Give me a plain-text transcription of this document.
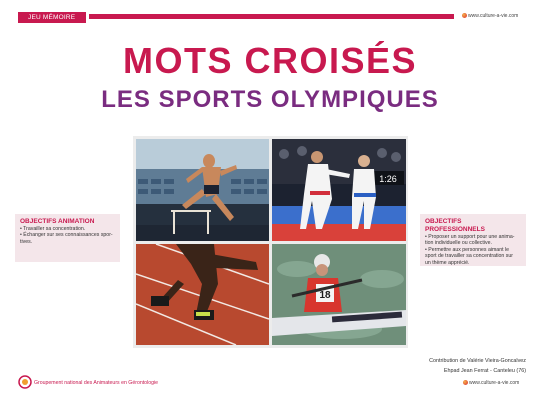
JEU MÉMOIRE	www.culture-a-vie.com
MOTS CROISÉS
LES SPORTS OLYMPIQUES
1:26
18
OBJECTIFS ANIMATION
• Travailler sa concentration.
• Échanger sur ses connaissances spor-
tives.
OBJECTIFS PROFESSIONNELS
• Proposer un support pour une anima-
tion individuelle ou collective.
• Permettre aux personnes aimant le
sport de travailler sa concentration sur
un thème apprécié.
Contribution de Valérie Vieira-Goncalvez
Ehpad Jean Ferrat - Canteleu (76)
Groupement national des Animateurs en Gérontologie	www.culture-a-vie.com
